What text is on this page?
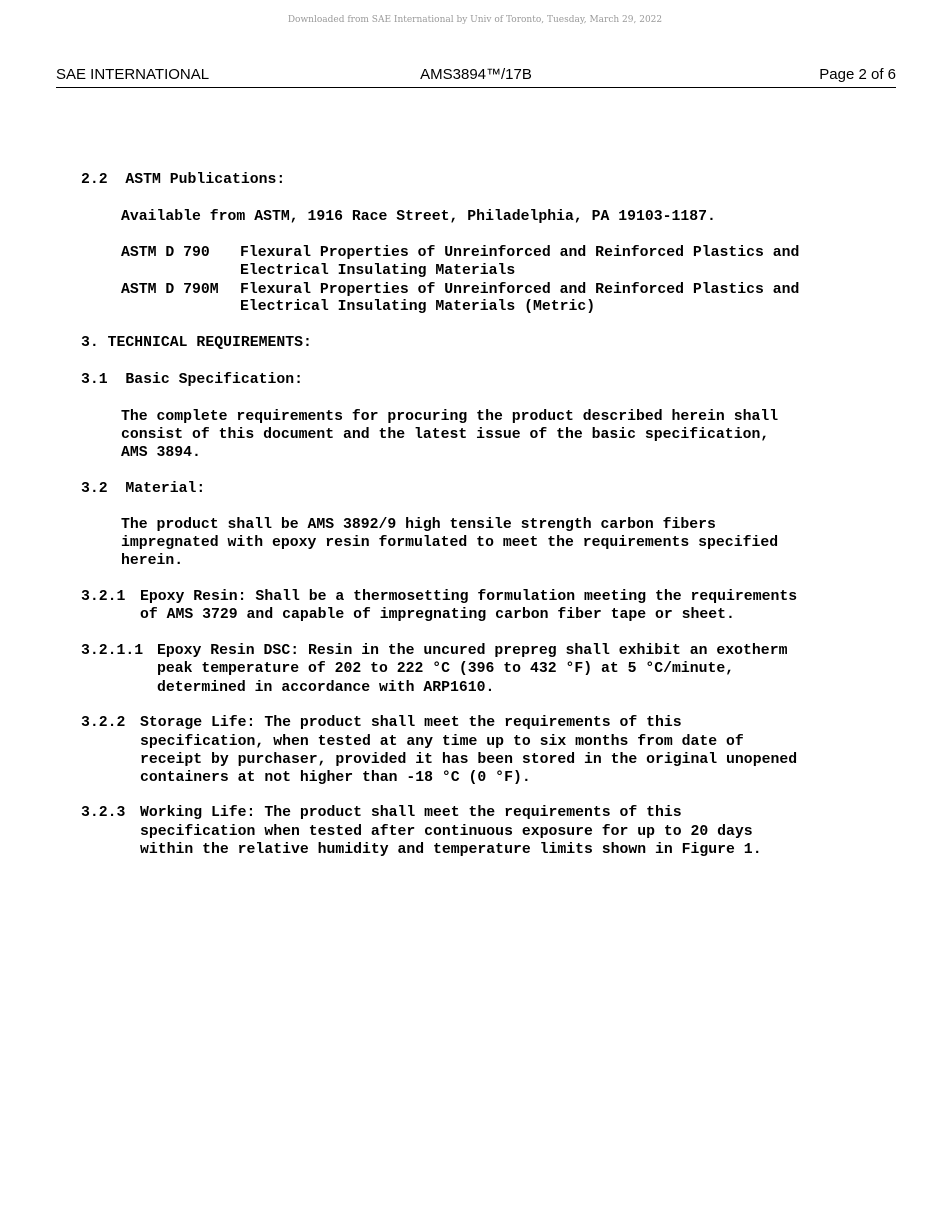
Downloaded from SAE International by Univ of Toronto, Tuesday, March 29, 2022
SAE INTERNATIONAL	AMS3894™/17B	Page 2 of 6
2.2  ASTM Publications:
Available from ASTM, 1916 Race Street, Philadelphia, PA 19103-1187.
ASTM D 790 Flexural Properties of Unreinforced and Reinforced Plastics and
Electrical Insulating Materials
ASTM D 790M Flexural Properties of Unreinforced and Reinforced Plastics and
Electrical Insulating Materials (Metric)
3. TECHNICAL REQUIREMENTS:
3.1  Basic Specification:
The complete requirements for procuring the product described herein shall
consist of this document and the latest issue of the basic specification,
AMS 3894.
3.2  Material:
The product shall be AMS 3892/9 high tensile strength carbon fibers
impregnated with epoxy resin formulated to meet the requirements specified
herein.
3.2.1 Epoxy Resin: Shall be a thermosetting formulation meeting the requirements
of AMS 3729 and capable of impregnating carbon fiber tape or sheet.
3.2.1.1 Epoxy Resin DSC: Resin in the uncured prepreg shall exhibit an exotherm
peak temperature of 202 to 222 °C (396 to 432 °F) at 5 °C/minute,
determined in accordance with ARP1610.
3.2.2 Storage Life: The product shall meet the requirements of this
specification, when tested at any time up to six months from date of
receipt by purchaser, provided it has been stored in the original unopened
containers at not higher than -18 °C (0 °F).
3.2.3 Working Life: The product shall meet the requirements of this
specification when tested after continuous exposure for up to 20 days
within the relative humidity and temperature limits shown in Figure 1.
